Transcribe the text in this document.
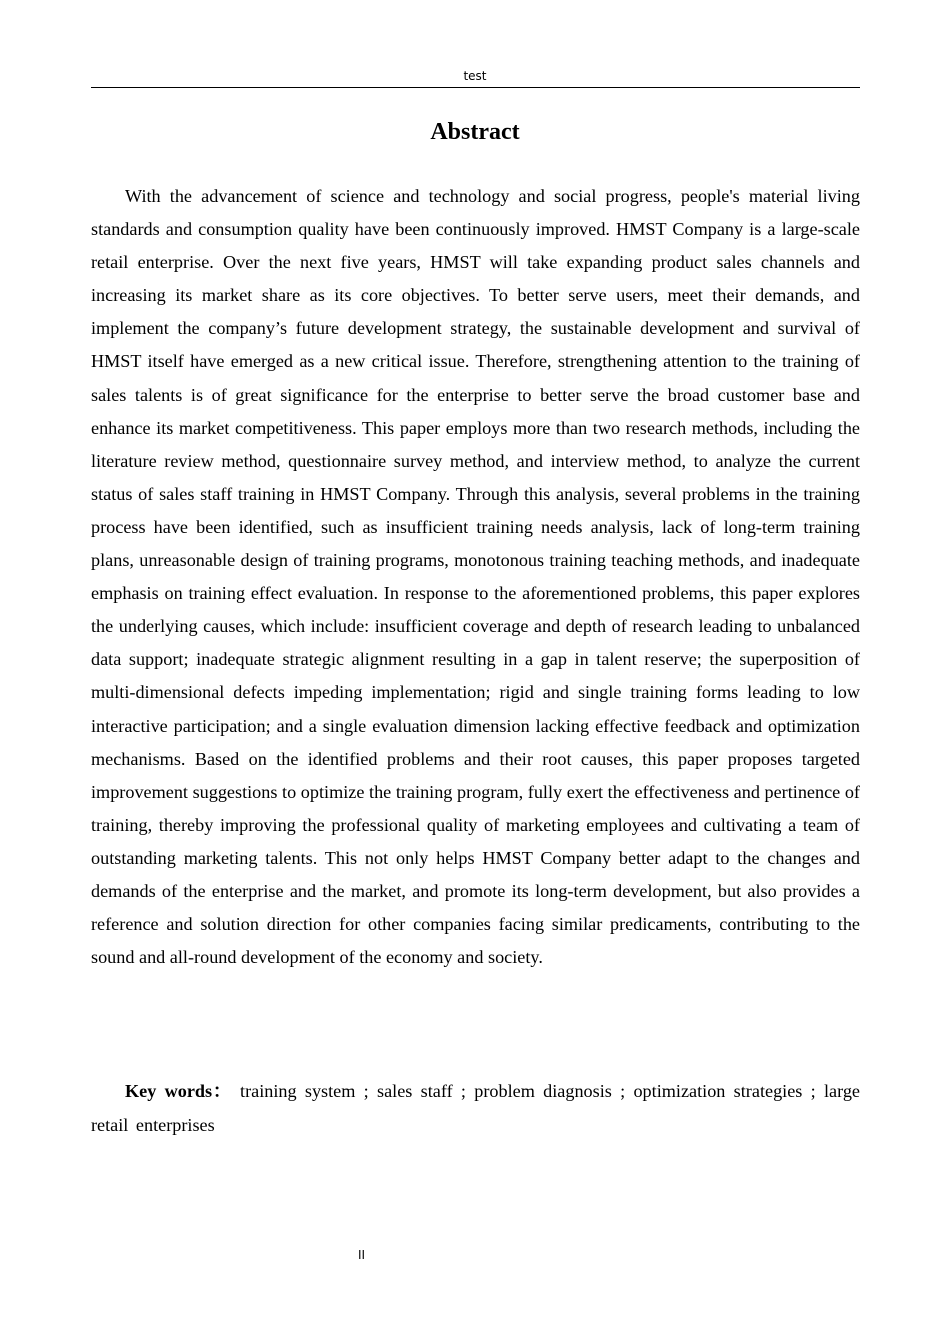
test
Abstract

With the advancement of science and technology and social progress, people's material living standards and consumption quality have been continuously improved. HMST Company is a large-scale retail enterprise. Over the next five years, HMST will take expanding product sales channels and increasing its market share as its core objectives. To better serve users, meet their demands, and implement the company’s future development strategy, the sustainable development and survival of HMST itself have emerged as a new critical issue. Therefore, strengthening attention to the training of sales talents is of great significance for the enterprise to better serve the broad customer base and enhance its market competitiveness. This paper employs more than two research methods, including the literature review method, questionnaire survey method, and interview method, to analyze the current status of sales staff training in HMST Company. Through this analysis, several problems in the training process have been identified, such as insufficient training needs analysis, lack of long-term training plans, unreasonable design of training programs, monotonous training teaching methods, and inadequate emphasis on training effect evaluation. In response to the aforementioned problems, this paper explores the underlying causes, which include: insufficient coverage and depth of research leading to unbalanced data support; inadequate strategic alignment resulting in a gap in talent reserve; the superposition of multi-dimensional defects impeding implementation; rigid and single training forms leading to low interactive participation; and a single evaluation dimension lacking effective feedback and optimization mechanisms. Based on the identified problems and their root causes, this paper proposes targeted improvement suggestions to optimize the training program, fully exert the effectiveness and pertinence of training, thereby improving the professional quality of marketing employees and cultivating a team of outstanding marketing talents. This not only helps HMST Company better adapt to the changes and demands of the enterprise and the market, and promote its long-term development, but also provides a reference and solution direction for other companies facing similar predicaments, contributing to the sound and all-round development of the economy and society.

Key words： training system ; sales staff ; problem diagnosis ; optimization strategies ; large retail enterprises

II
